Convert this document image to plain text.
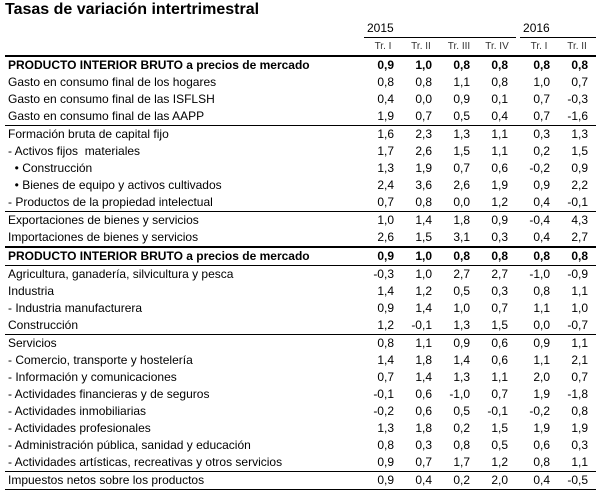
Tasas de variación intertrimestral
	2015					2016	
	Tr. I	Tr. II	Tr. III	Tr. IV		Tr. I	Tr. II
PRODUCTO INTERIOR BRUTO a precios de mercado	0,9	1,0	0,8	0,8		0,8	0,8
Gasto en consumo final de los hogares	0,8	0,8	1,1	0,8		1,0	0,7
Gasto en consumo final de las ISFLSH	0,4	0,0	0,9	0,1		0,7	-0,3
Gasto en consumo final de las AAPP	1,9	0,7	0,5	0,4		0,7	-1,6
Formación bruta de capital fijo	1,6	2,3	1,3	1,1		0,3	1,3
- Activos fijos  materiales	1,7	2,6	1,5	1,1		0,2	1,5
• Construcción	1,3	1,9	0,7	0,6		-0,2	0,9
• Bienes de equipo y activos cultivados	2,4	3,6	2,6	1,9		0,9	2,2
- Productos de la propiedad intelectual	0,7	0,8	0,0	1,2		0,4	-0,1
Exportaciones de bienes y servicios	1,0	1,4	1,8	0,9		-0,4	4,3
Importaciones de bienes y servicios	2,6	1,5	3,1	0,3		0,4	2,7
PRODUCTO INTERIOR BRUTO a precios de mercado	0,9	1,0	0,8	0,8		0,8	0,8
Agricultura, ganadería, silvicultura y pesca	-0,3	1,0	2,7	2,7		-1,0	-0,9
Industria	1,4	1,2	0,5	0,3		0,8	1,1
- Industria manufacturera	0,9	1,4	1,0	0,7		1,1	1,0
Construcción	1,2	-0,1	1,3	1,5		0,0	-0,7
Servicios	0,8	1,1	0,9	0,6		0,9	1,1
- Comercio, transporte y hostelería	1,4	1,8	1,4	0,6		1,1	2,1
- Información y comunicaciones	0,7	1,4	1,3	1,1		2,0	0,7
- Actividades financieras y de seguros	-0,1	0,6	-1,0	0,7		1,9	-1,8
- Actividades inmobiliarias	-0,2	0,6	0,5	-0,1		-0,2	0,8
- Actividades profesionales	1,3	1,8	0,2	1,5		1,9	1,9
- Administración pública, sanidad y educación	0,8	0,3	0,8	0,5		0,6	0,3
- Actividades artísticas, recreativas y otros servicios	0,9	0,7	1,7	1,2		0,8	1,1
Impuestos netos sobre los productos	0,9	0,4	0,2	2,0		0,4	-0,5
